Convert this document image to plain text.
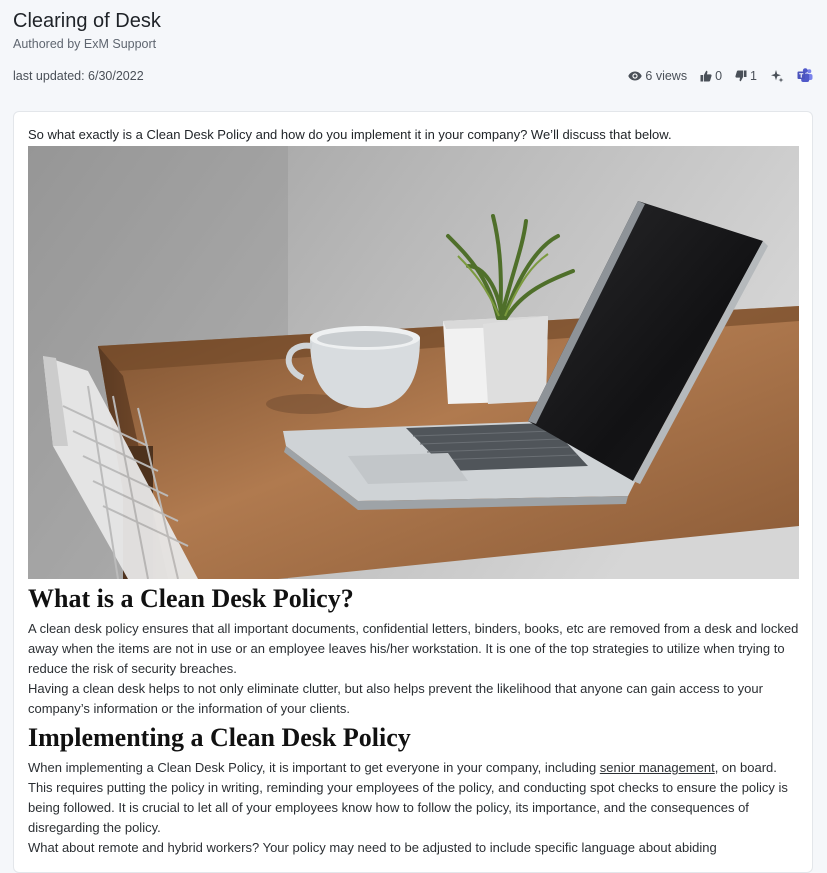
Clearing of Desk
Authored by ExM Support
last updated: 6/30/2022	6 views 0 1
So what exactly is a Clean Desk Policy and how do you implement it in your company? We’ll discuss that below.
What is a Clean Desk Policy?

A clean desk policy ensures that all important documents, confidential letters, binders, books, etc are removed from a desk and locked away when the items are not in use or an employee leaves his/her workstation. It is one of the top strategies to utilize when trying to reduce the risk of security breaches.

Having a clean desk helps to not only eliminate clutter, but also helps prevent the likelihood that anyone can gain access to your company’s information or the information of your clients.

Implementing a Clean Desk Policy

When implementing a Clean Desk Policy, it is important to get everyone in your company, including senior management, on board. This requires putting the policy in writing, reminding your employees of the policy, and conducting spot checks to ensure the policy is being followed. It is crucial to let all of your employees know how to follow the policy, its importance, and the consequences of disregarding the policy.

What about remote and hybrid workers? Your policy may need to be adjusted to include specific language about abiding
